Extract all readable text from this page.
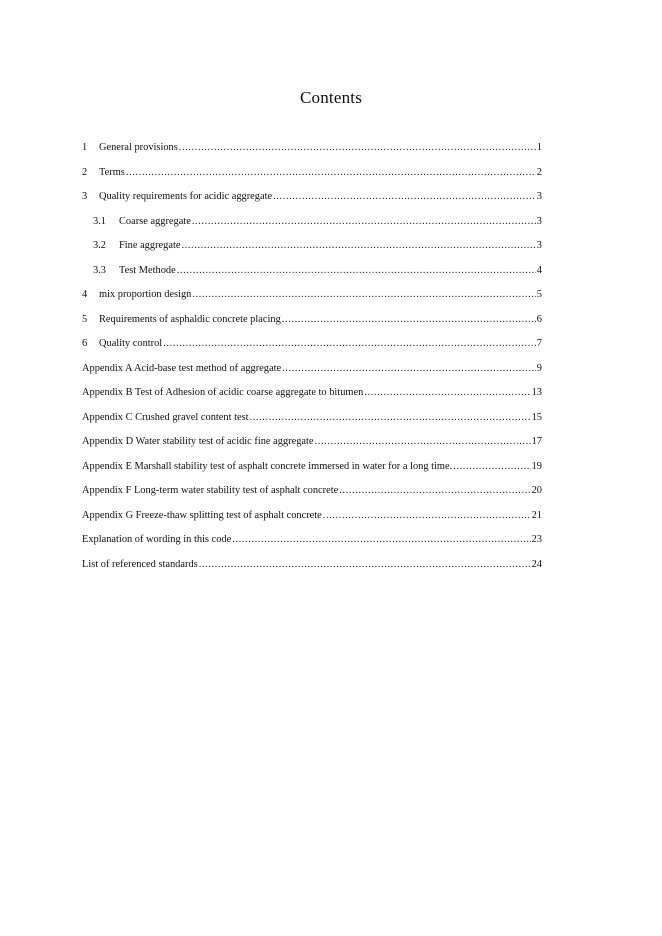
Contents
1	General provisions .....	1
2	Terms .....	2
3	Quality requirements for acidic aggregate .....	3
3.1	Coarse aggregate .....	3
3.2	Fine aggregate .....	3
3.3	Test Methode .....	4
4	mix proportion design .....	5
5	Requirements of asphaldic concrete placing .....	6
6	Quality control .....	7
Appendix A Acid-base test method of aggregate .....	9
Appendix B Test of Adhesion of acidic coarse aggregate to bitumen .....	13
Appendix C Crushed gravel content test .....	15
Appendix D Water stability test of acidic fine aggregate .....	17
Appendix E Marshall stability test of asphalt concrete immersed in water for a long time. .....	19
Appendix F Long-term water stability test of asphalt concrete .....	20
Appendix G Freeze-thaw splitting test of asphalt concrete .....	21
Explanation of wording in this code .....	23
List of referenced standards .....	24
